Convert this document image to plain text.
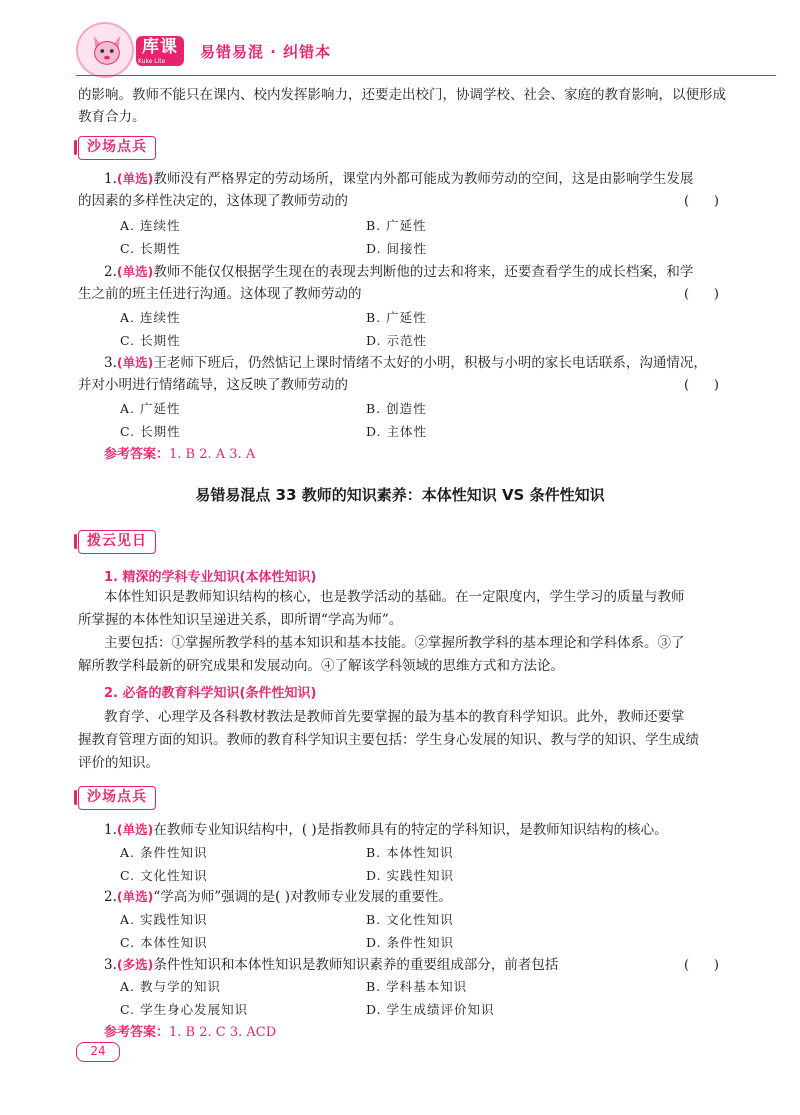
库课
Kuke Lite
易错易混 · 纠错本
的影响。教师不能只在课内、校内发挥影响力，还要走出校门，协调学校、社会、家庭的教育影响，以便形成
教育合力。
沙场点兵
1.(单选)教师没有严格界定的劳动场所，课堂内外都可能成为教师劳动的空间，这是由影响学生发展
的因素的多样性决定的，这体现了教师劳动的	(      )
A. 连续性	B. 广延性
C. 长期性	D. 间接性
2.(单选)教师不能仅仅根据学生现在的表现去判断他的过去和将来，还要查看学生的成长档案，和学
生之前的班主任进行沟通。这体现了教师劳动的	(      )
A. 连续性	B. 广延性
C. 长期性	D. 示范性
3.(单选)王老师下班后，仍然惦记上课时情绪不太好的小明，积极与小明的家长电话联系，沟通情况，
并对小明进行情绪疏导，这反映了教师劳动的	(      )
A. 广延性	B. 创造性
C. 长期性	D. 主体性
参考答案：1. B 2. A 3. A
易错易混点 33 教师的知识素养：本体性知识 VS 条件性知识
拨云见日
1. 精深的学科专业知识(本体性知识)
本体性知识是教师知识结构的核心，也是教学活动的基础。在一定限度内，学生学习的质量与教师
所掌握的本体性知识呈递进关系，即所谓“学高为师”。
主要包括：①掌握所教学科的基本知识和基本技能。②掌握所教学科的基本理论和学科体系。③了
解所教学科最新的研究成果和发展动向。④了解该学科领域的思维方式和方法论。
2. 必备的教育科学知识(条件性知识)
教育学、心理学及各科教材教法是教师首先要掌握的最为基本的教育科学知识。此外，教师还要掌
握教育管理方面的知识。教师的教育科学知识主要包括：学生身心发展的知识、教与学的知识、学生成绩
评价的知识。
沙场点兵
1.(单选)在教师专业知识结构中，( )是指教师具有的特定的学科知识，是教师知识结构的核心。
A. 条件性知识	B. 本体性知识
C. 文化性知识	D. 实践性知识
2.(单选)“学高为师”强调的是( )对教师专业发展的重要性。
A. 实践性知识	B. 文化性知识
C. 本体性知识	D. 条件性知识
3.(多选)条件性知识和本体性知识是教师知识素养的重要组成部分，前者包括	(      )
A. 教与学的知识	B. 学科基本知识
C. 学生身心发展知识	D. 学生成绩评价知识
参考答案：1. B 2. C 3. ACD
24
